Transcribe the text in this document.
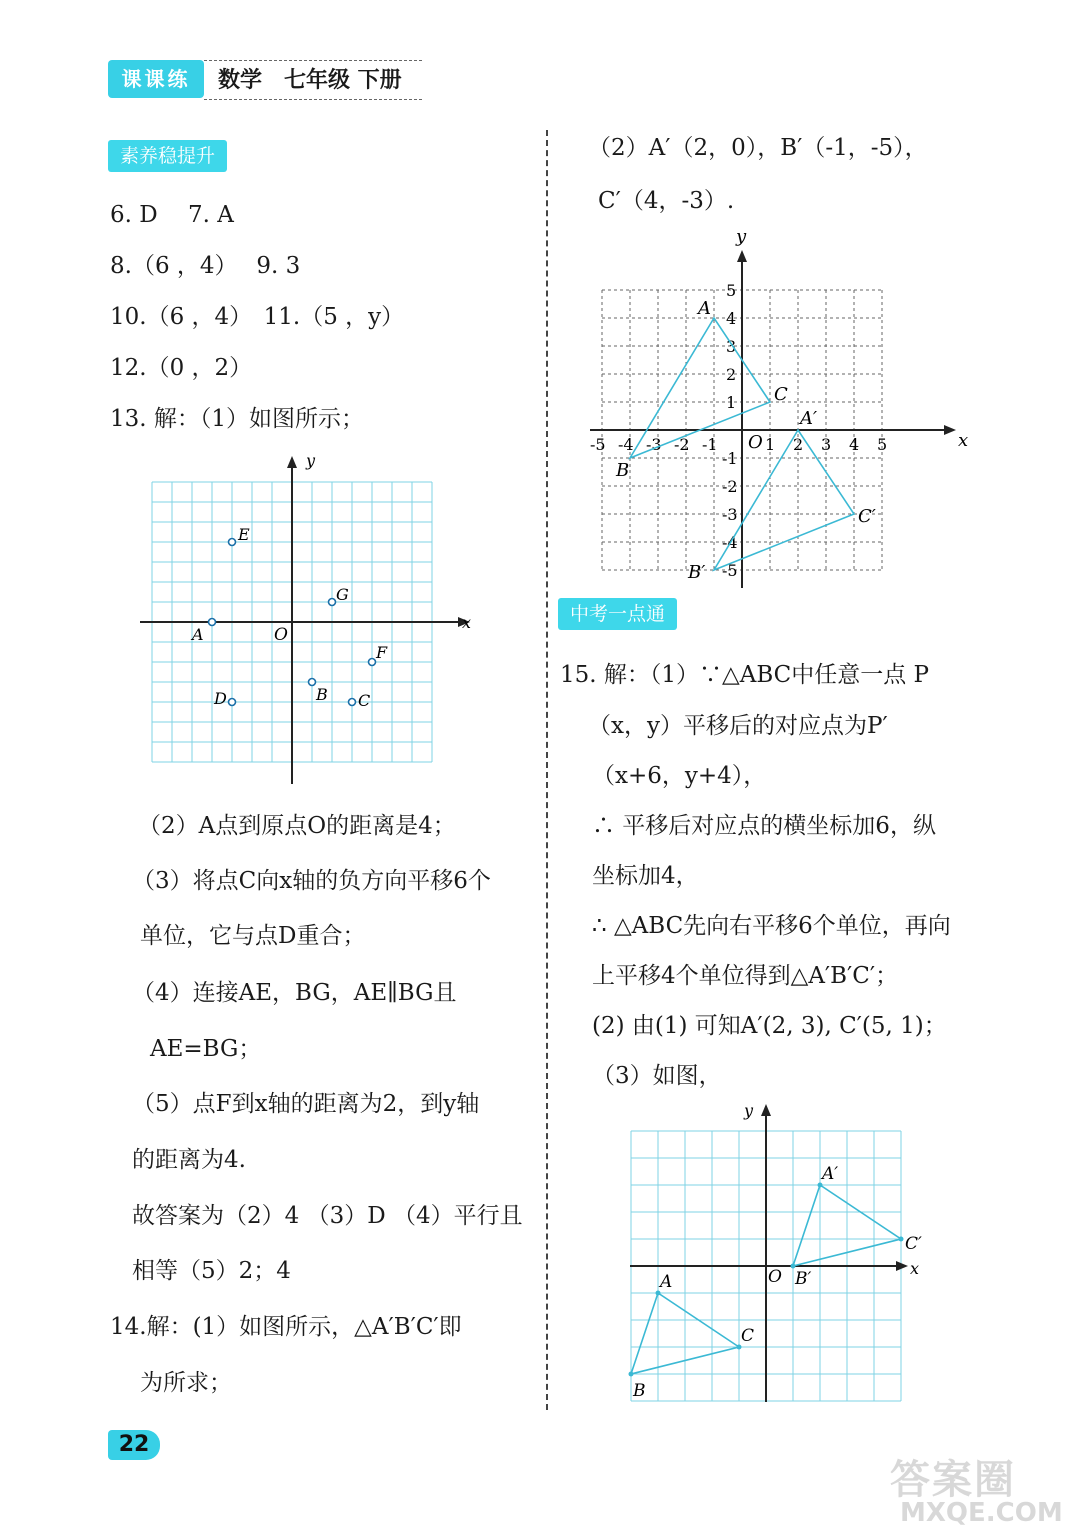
课课练	数学　七年级 下册
素养稳提升
6. D　 7. A
8.（6 ，4）　 9. 3
10.（6 ，4）　11.（5 ，y）
12.（0 ，2）
13. 解：（1）如图所示；
x
y
O
E
A
G
F
B C
D
（2）A点到原点O的距离是4；
（3）将点C向x轴的负方向平移6个
单位，它与点D重合；
（4）连接AE，BG，AE∥BG且
AE=BG；
（5）点F到x轴的距离为2，到y轴
的距离为4.
故答案为（2）4 （3）D （4）平行且
相等（5）2；4
14.解：(1）如图所示，△A′B′C′即
为所求；
22
（2）A′（2，0），B′（-1，-5），
C′（4，-3）.
x
y
O
-5 -4 -3 -2 -1	1 2 3 4 5
5
4
3
2
1
-1
-2
-3
-4
-5
A
B
C
A′
B′
C′
中考一点通
15. 解：（1）∵△ABC中任意一点 P
（x，y）平移后的对应点为P′
（x+6，y+4），
∴ 平移后对应点的横坐标加6，纵
坐标加4，
∴ △ABC先向右平移6个单位，再向
上平移4个单位得到△A′B′C′；
(2) 由(1) 可知A′(2, 3), C′(5, 1)；
（3）如图，
x
y
O
A
B
C
A′
B′
C′
答案圈
MXQE.COM
